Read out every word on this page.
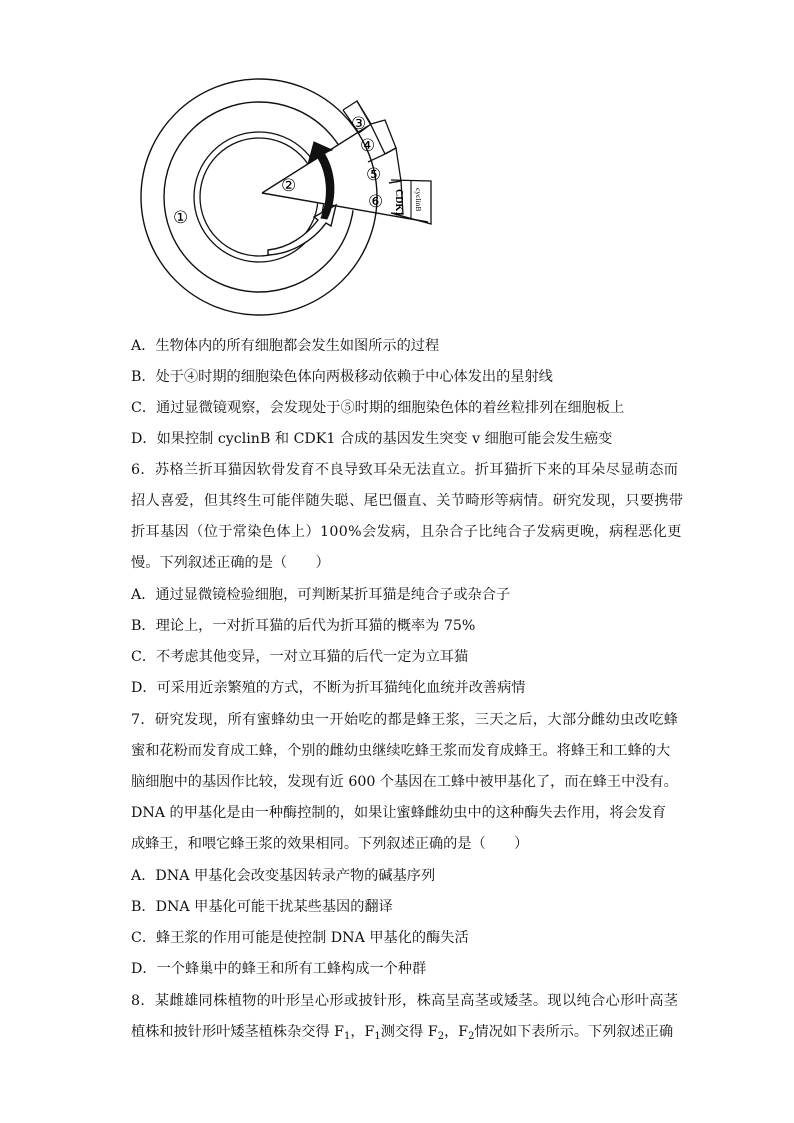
③
④
⑤
⑥
①
②
CDK1 cyclinB
A．生物体内的所有细胞都会发生如图所示的过程
B．处于④时期的细胞染色体向两极移动依赖于中心体发出的星射线
C．通过显微镜观察，会发现处于⑤时期的细胞染色体的着丝粒排列在细胞板上
D．如果控制 cyclinB 和 CDK1 合成的基因发生突变 v 细胞可能会发生癌变
6．苏格兰折耳猫因软骨发育不良导致耳朵无法直立。折耳猫折下来的耳朵尽显萌态而
招人喜爱，但其终生可能伴随失聪、尾巴僵直、关节畸形等病情。研究发现，只要携带
折耳基因（位于常染色体上）100%会发病，且杂合子比纯合子发病更晚，病程恶化更
慢。下列叙述正确的是（　　）
A．通过显微镜检验细胞，可判断某折耳猫是纯合子或杂合子
B．理论上，一对折耳猫的后代为折耳猫的概率为 75%
C．不考虑其他变异，一对立耳猫的后代一定为立耳猫
D．可采用近亲繁殖的方式，不断为折耳猫纯化血统并改善病情
7．研究发现，所有蜜蜂幼虫一开始吃的都是蜂王浆，三天之后，大部分雌幼虫改吃蜂
蜜和花粉而发育成工蜂，个别的雌幼虫继续吃蜂王浆而发育成蜂王。将蜂王和工蜂的大
脑细胞中的基因作比较，发现有近 600 个基因在工蜂中被甲基化了，而在蜂王中没有。
DNA 的甲基化是由一种酶控制的，如果让蜜蜂雌幼虫中的这种酶失去作用，将会发育
成蜂王，和喂它蜂王浆的效果相同。下列叙述正确的是（　　）
A．DNA 甲基化会改变基因转录产物的碱基序列
B．DNA 甲基化可能干扰某些基因的翻译
C．蜂王浆的作用可能是使控制 DNA 甲基化的酶失活
D．一个蜂巢中的蜂王和所有工蜂构成一个种群
8．某雌雄同株植物的叶形呈心形或披针形，株高呈高茎或矮茎。现以纯合心形叶高茎
植株和披针形叶矮茎植株杂交得 $F_1$，$F_1$测交得 $F_2$，$F_2$情况如下表所示。下列叙述正确
